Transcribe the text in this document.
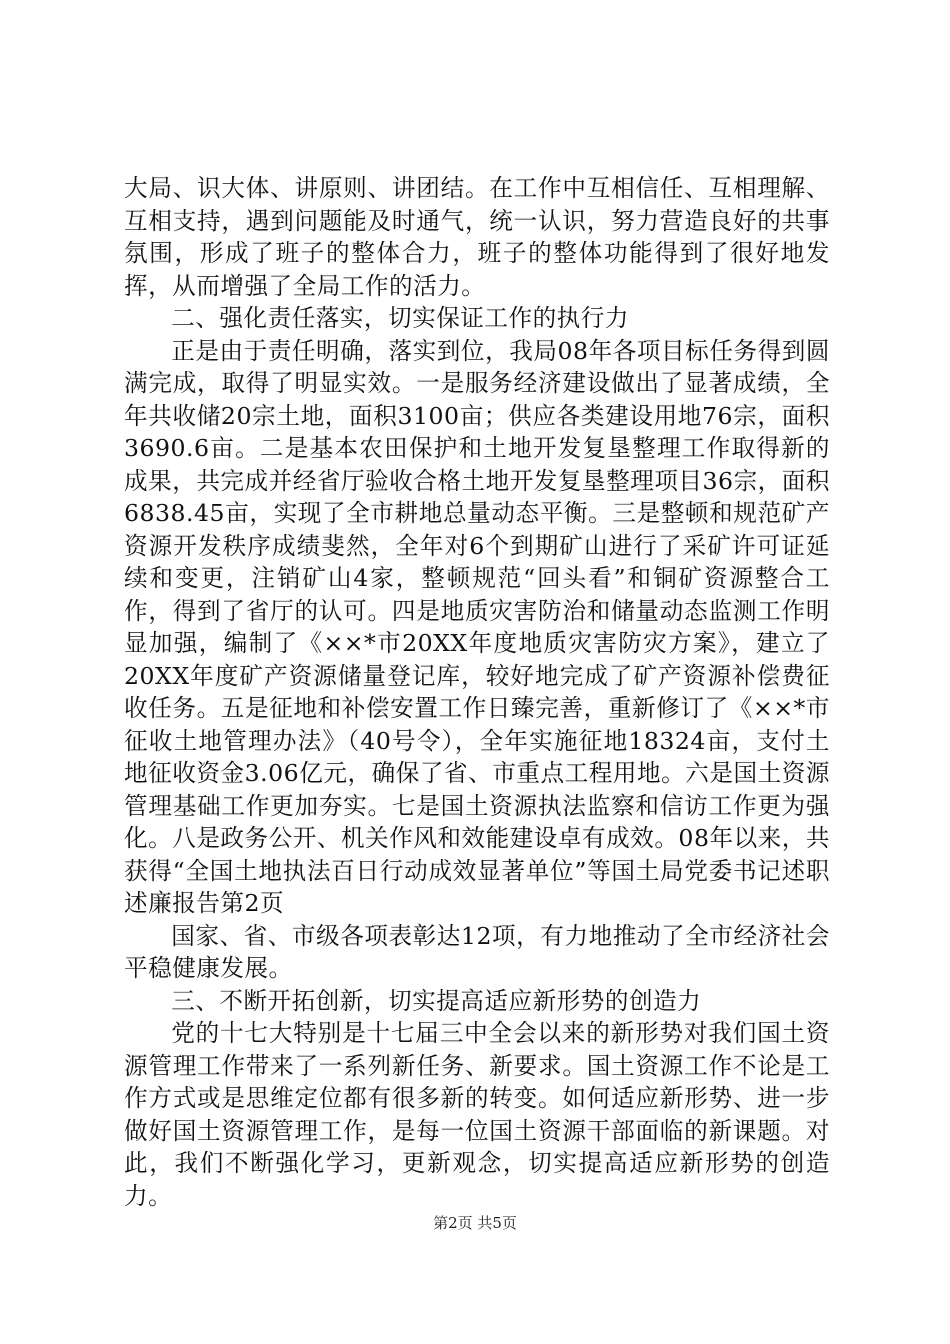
大局、识大体、讲原则、讲团结。在工作中互相信任、互相理解、互相支持，遇到问题能及时通气，统一认识，努力营造良好的共事氛围，形成了班子的整体合力，班子的整体功能得到了很好地发挥，从而增强了全局工作的活力。

二、强化责任落实，切实保证工作的执行力

正是由于责任明确，落实到位，我局08年各项目标任务得到圆满完成，取得了明显实效。一是服务经济建设做出了显著成绩，全年共收储20宗土地，面积3100亩；供应各类建设用地76宗，面积3690.6亩。二是基本农田保护和土地开发复垦整理工作取得新的成果，共完成并经省厅验收合格土地开发复垦整理项目36宗，面积6838.45亩，实现了全市耕地总量动态平衡。三是整顿和规范矿产资源开发秩序成绩斐然，全年对6个到期矿山进行了采矿许可证延续和变更，注销矿山4家，整顿规范“回头看”和铜矿资源整合工作，得到了省厅的认可。四是地质灾害防治和储量动态监测工作明显加强，编制了《××*市20XX年度地质灾害防灾方案》，建立了20XX年度矿产资源储量登记库，较好地完成了矿产资源补偿费征收任务。五是征地和补偿安置工作日臻完善，重新修订了《××*市征收土地管理办法》（40号令），全年实施征地18324亩，支付土地征收资金3.06亿元，确保了省、市重点工程用地。六是国土资源管理基础工作更加夯实。七是国土资源执法监察和信访工作更为强化。八是政务公开、机关作风和效能建设卓有成效。08年以来，共获得“全国土地执法百日行动成效显著单位”等国土局党委书记述职述廉报告第2页

国家、省、市级各项表彰达12项，有力地推动了全市经济社会平稳健康发展。

三、不断开拓创新，切实提高适应新形势的创造力

党的十七大特别是十七届三中全会以来的新形势对我们国土资源管理工作带来了一系列新任务、新要求。国土资源工作不论是工作方式或是思维定位都有很多新的转变。如何适应新形势、进一步做好国土资源管理工作，是每一位国土资源干部面临的新课题。对此，我们不断强化学习，更新观念，切实提高适应新形势的创造力。

第2页 共5页
